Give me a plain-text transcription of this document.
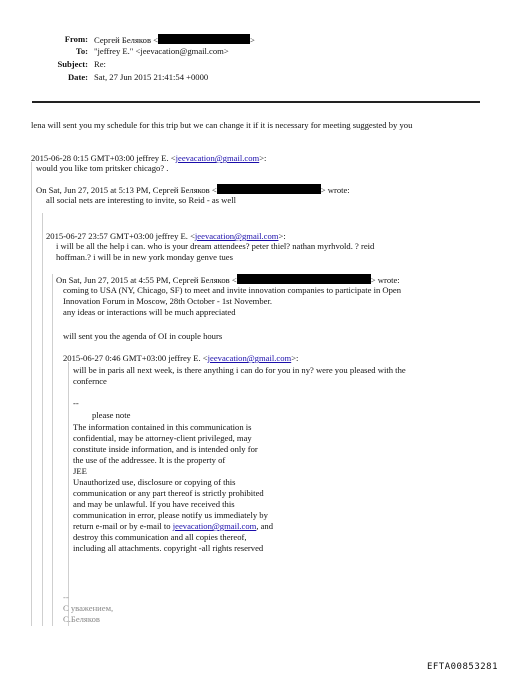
From: Сергей Беляков <	>
To: "jeffrey E." <jeevacation@gmail.com>
Subject: Re:
Date: Sat, 27 Jun 2015 21:41:54 +0000
lena will sent you my schedule for this trip but we can change it if it is necessary for meeting suggested by you
2015-06-28 0:15 GMT+03:00 jeffrey E. <jeevacation@gmail.com>:
would you like tom pritsker chicago? .
On Sat, Jun 27, 2015 at 5:13 PM, Сергей Беляков <	> wrote:
all social nets are interesting to invite, so Reid - as well
2015-06-27 23:57 GMT+03:00 jeffrey E. <jeevacation@gmail.com>:
i will be all the help i can. who is your dream attendees? peter thiel? nathan myrhvold. ? reid
hoffman.? i will be in new york monday genve tues
On Sat, Jun 27, 2015 at 4:55 PM, Сергей Беляков <	> wrote:
coming to USA (NY, Chicago, SF) to meet and invite innovation companies to participate in Open
Innovation Forum in Moscow, 28th October - 1st November.
any ideas or interactions will be much appreciated
will sent you the agenda of OI in couple hours
2015-06-27 0:46 GMT+03:00 jeffrey E. <jeevacation@gmail.com>:
will be in paris all next week, is there anything i can do for you in ny? were you pleased with the
confernce
--
please note
The information contained in this communication is
confidential, may be attorney-client privileged, may
constitute inside information, and is intended only for
the use of the addressee. It is the property of
JEE
Unauthorized use, disclosure or copying of this
communication or any part thereof is strictly prohibited
and may be unlawful. If you have received this
communication in error, please notify us immediately by
return e-mail or by e-mail to jeevacation@gmail.com, and
destroy this communication and all copies thereof,
including all attachments. copyright -all rights reserved
--
С уважением,
С.Беляков
EFTA00853281
